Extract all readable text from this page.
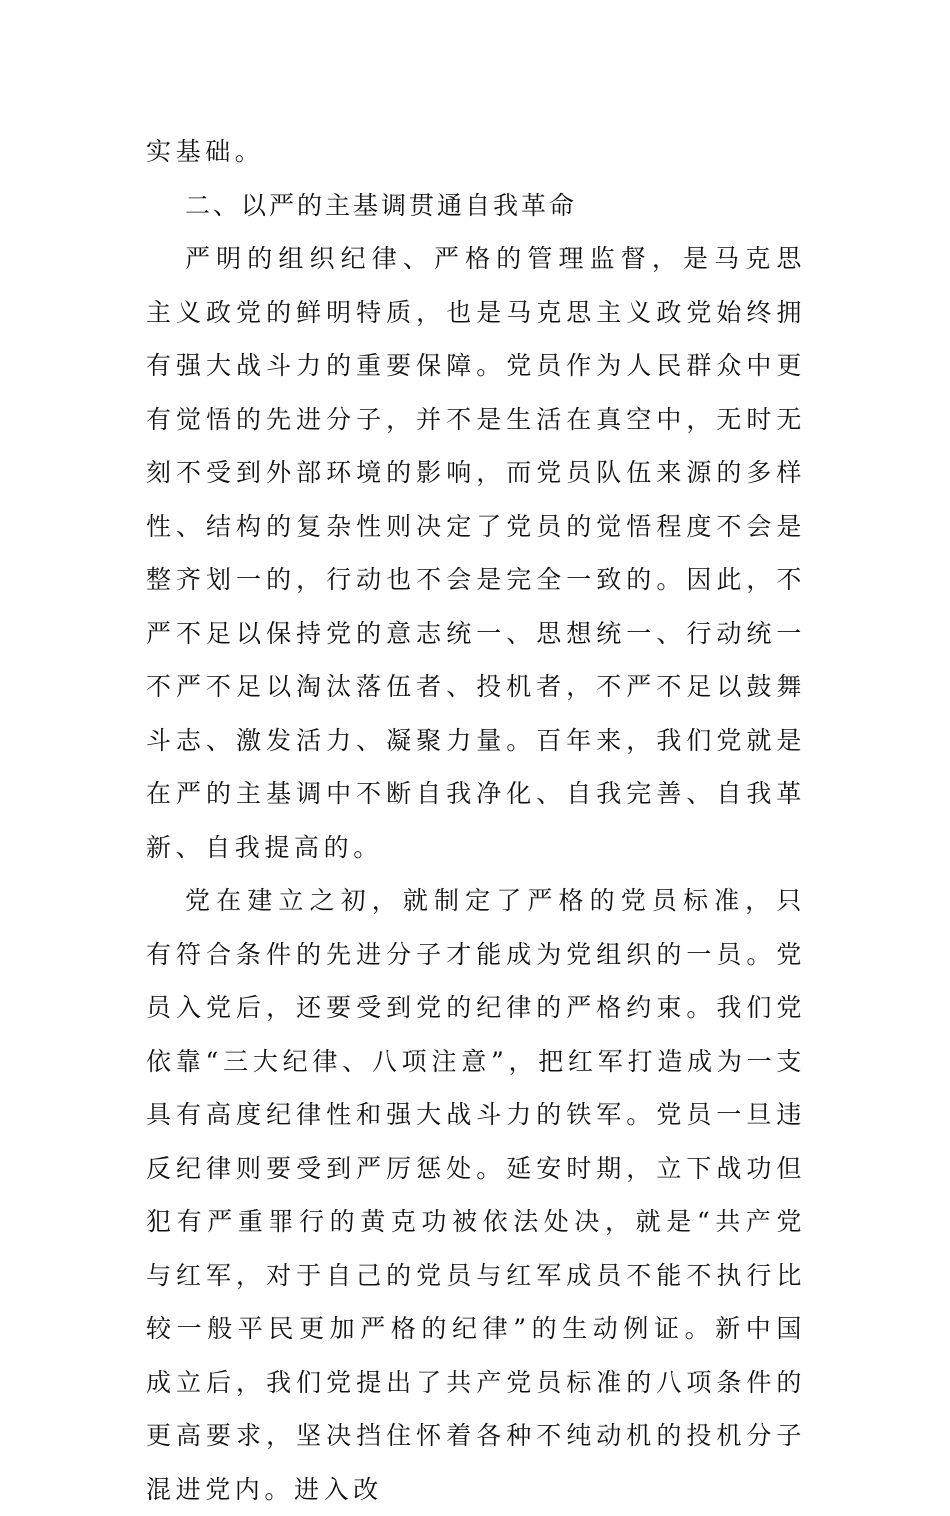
实基础。

二、以严的主基调贯通自我革命

严明的组织纪律、严格的管理监督，是马克思主义政党的鲜明特质，也是马克思主义政党始终拥有强大战斗力的重要保障。党员作为人民群众中更有觉悟的先进分子，并不是生活在真空中，无时无刻不受到外部环境的影响，而党员队伍来源的多样性、结构的复杂性则决定了党员的觉悟程度不会是整齐划一的，行动也不会是完全一致的。因此，不严不足以保持党的意志统一、思想统一、行动统一不严不足以淘汰落伍者、投机者，不严不足以鼓舞斗志、激发活力、凝聚力量。百年来，我们党就是在严的主基调中不断自我净化、自我完善、自我革新、自我提高的。

党在建立之初，就制定了严格的党员标准，只有符合条件的先进分子才能成为党组织的一员。党员入党后，还要受到党的纪律的严格约束。我们党依靠“三大纪律、八项注意”，把红军打造成为一支具有高度纪律性和强大战斗力的铁军。党员一旦违反纪律则要受到严厉惩处。延安时期，立下战功但犯有严重罪行的黄克功被依法处决，就是“共产党与红军，对于自己的党员与红军成员不能不执行比较一般平民更加严格的纪律”的生动例证。新中国成立后，我们党提出了共产党员标准的八项条件的更高要求，坚决挡住怀着各种不纯动机的投机分子混进党内。进入改
